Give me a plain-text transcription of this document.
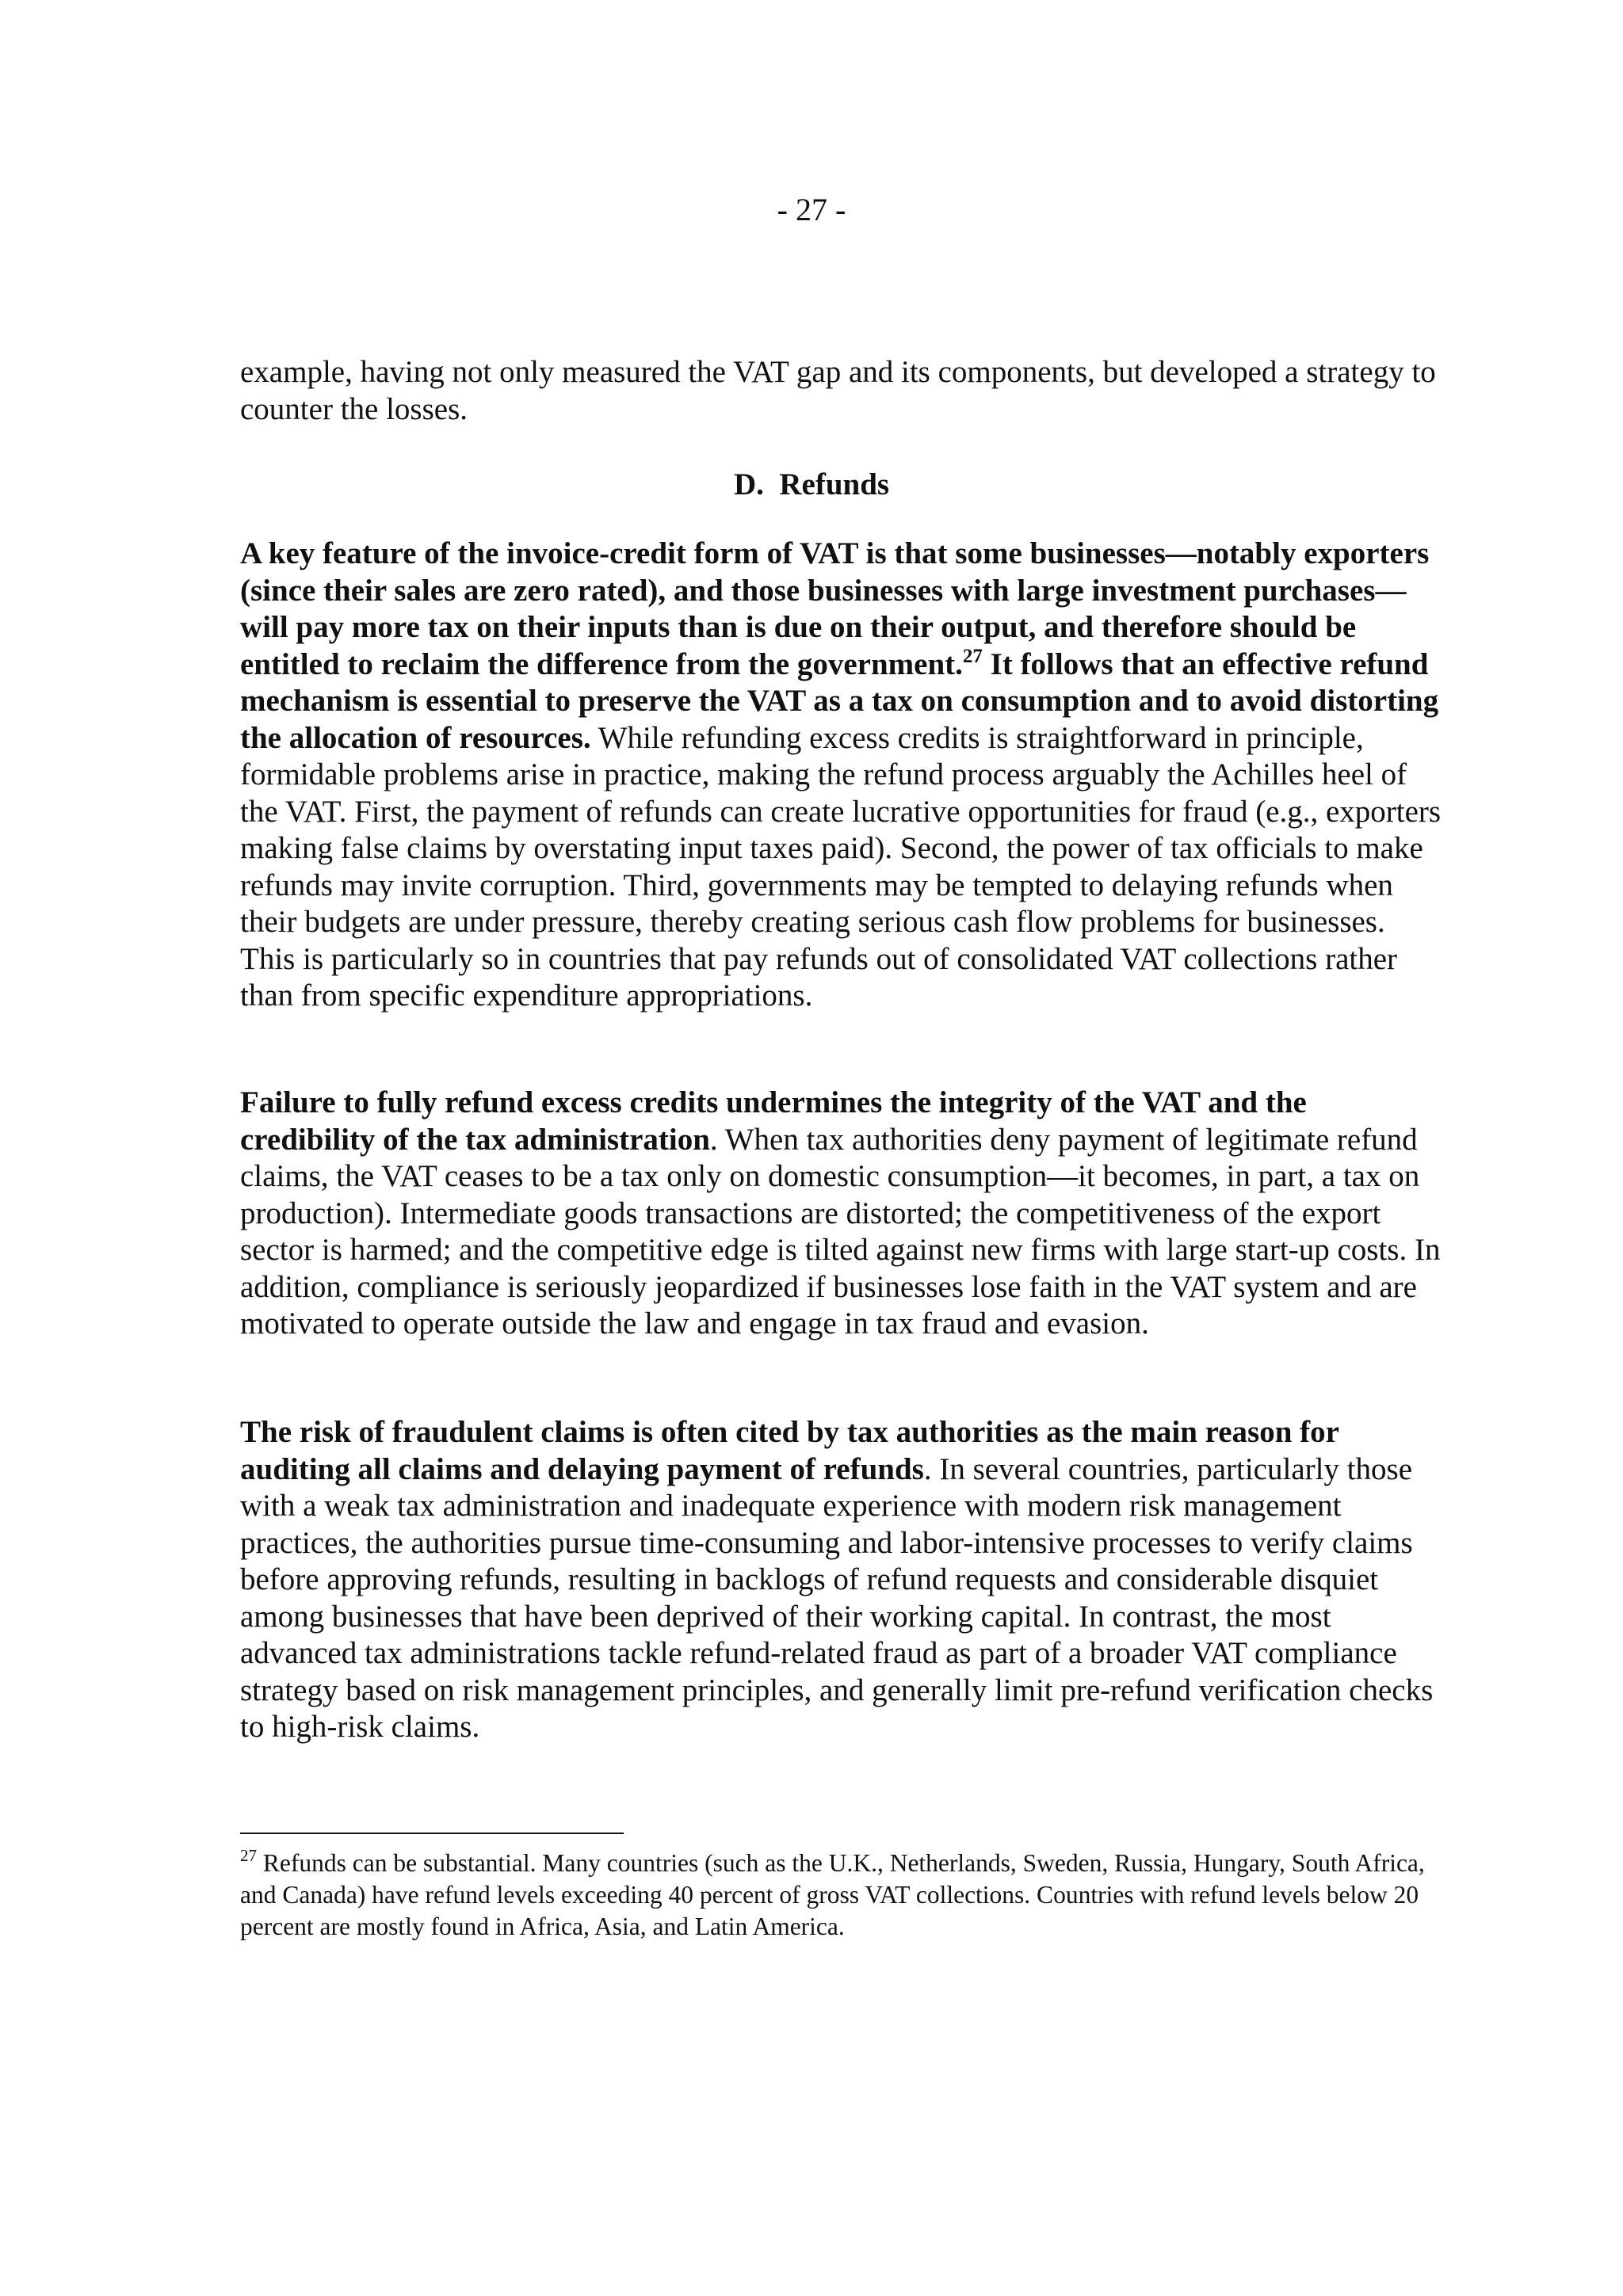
- 27 -

example, having not only measured the VAT gap and its components, but developed a strategy to counter the losses.

D.  Refunds

A key feature of the invoice-credit form of VAT is that some businesses—notably exporters (since their sales are zero rated), and those businesses with large investment purchases—will pay more tax on their inputs than is due on their output, and therefore should be entitled to reclaim the difference from the government.$^{27}$ It follows that an effective refund mechanism is essential to preserve the VAT as a tax on consumption and to avoid distorting the allocation of resources. While refunding excess credits is straightforward in principle, formidable problems arise in practice, making the refund process arguably the Achilles heel of the VAT. First, the payment of refunds can create lucrative opportunities for fraud (e.g., exporters making false claims by overstating input taxes paid). Second, the power of tax officials to make refunds may invite corruption. Third, governments may be tempted to delaying refunds when their budgets are under pressure, thereby creating serious cash flow problems for businesses. This is particularly so in countries that pay refunds out of consolidated VAT collections rather than from specific expenditure appropriations.

Failure to fully refund excess credits undermines the integrity of the VAT and the credibility of the tax administration. When tax authorities deny payment of legitimate refund claims, the VAT ceases to be a tax only on domestic consumption—it becomes, in part, a tax on production). Intermediate goods transactions are distorted; the competitiveness of the export sector is harmed; and the competitive edge is tilted against new firms with large start-up costs. In addition, compliance is seriously jeopardized if businesses lose faith in the VAT system and are motivated to operate outside the law and engage in tax fraud and evasion.

The risk of fraudulent claims is often cited by tax authorities as the main reason for auditing all claims and delaying payment of refunds. In several countries, particularly those with a weak tax administration and inadequate experience with modern risk management practices, the authorities pursue time-consuming and labor-intensive processes to verify claims before approving refunds, resulting in backlogs of refund requests and considerable disquiet among businesses that have been deprived of their working capital. In contrast, the most advanced tax administrations tackle refund-related fraud as part of a broader VAT compliance strategy based on risk management principles, and generally limit pre-refund verification checks to high-risk claims.

$^{27}$ Refunds can be substantial. Many countries (such as the U.K., Netherlands, Sweden, Russia, Hungary, South Africa, and Canada) have refund levels exceeding 40 percent of gross VAT collections. Countries with refund levels below 20 percent are mostly found in Africa, Asia, and Latin America.
